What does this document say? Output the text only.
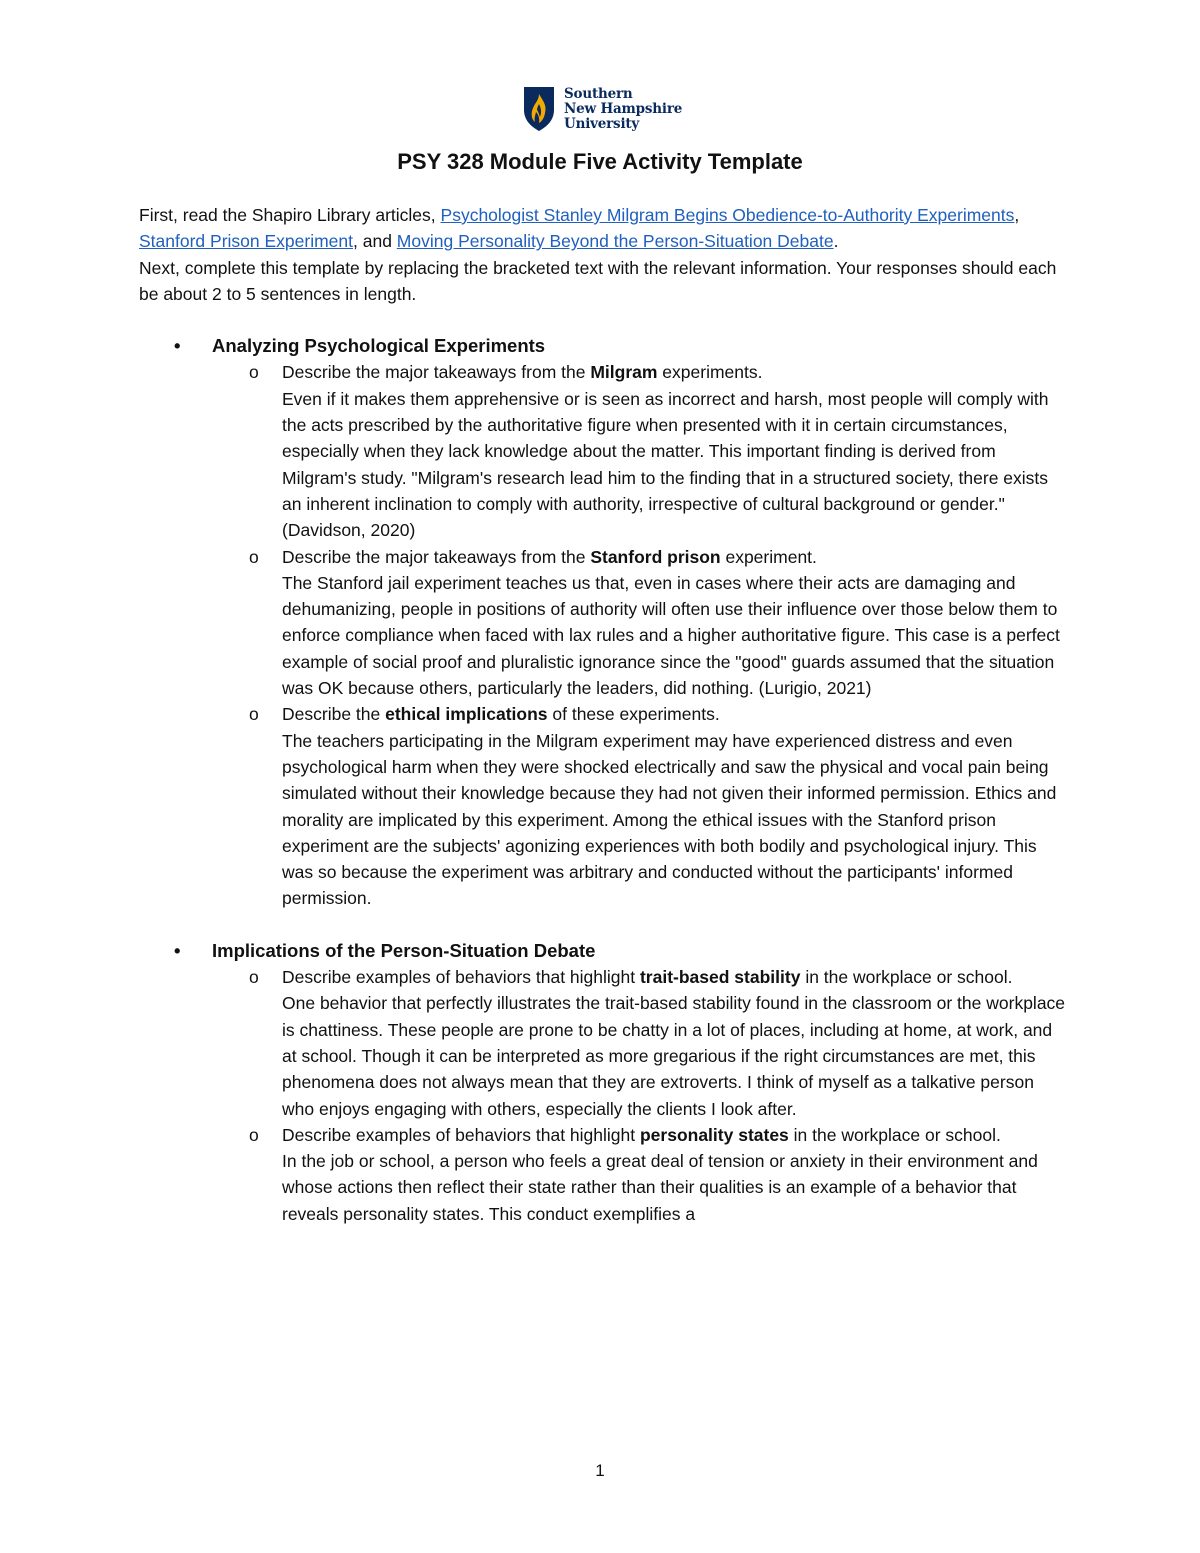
Southern
New Hampshire
University
PSY 328 Module Five Activity Template

First, read the Shapiro Library articles, Psychologist Stanley Milgram Begins Obedience-to-Authority Experiments, Stanford Prison Experiment, and Moving Personality Beyond the Person-Situation Debate.

Next, complete this template by replacing the bracketed text with the relevant information. Your responses should each be about 2 to 5 sentences in length.

• Analyzing Psychological Experiments

o Describe the major takeaways from the Milgram experiments.

Even if it makes them apprehensive or is seen as incorrect and harsh, most people will comply with the acts prescribed by the authoritative figure when presented with it in certain circumstances, especially when they lack knowledge about the matter. This important finding is derived from Milgram's study. "Milgram's research lead him to the finding that in a structured society, there exists an inherent inclination to comply with authority, irrespective of cultural background or gender." (Davidson, 2020)

o Describe the major takeaways from the Stanford prison experiment.

The Stanford jail experiment teaches us that, even in cases where their acts are damaging and dehumanizing, people in positions of authority will often use their influence over those below them to enforce compliance when faced with lax rules and a higher authoritative figure. This case is a perfect example of social proof and pluralistic ignorance since the "good" guards assumed that the situation was OK because others, particularly the leaders, did nothing. (Lurigio, 2021)

o Describe the ethical implications of these experiments.

The teachers participating in the Milgram experiment may have experienced distress and even psychological harm when they were shocked electrically and saw the physical and vocal pain being simulated without their knowledge because they had not given their informed permission. Ethics and morality are implicated by this experiment. Among the ethical issues with the Stanford prison experiment are the subjects' agonizing experiences with both bodily and psychological injury. This was so because the experiment was arbitrary and conducted without the participants' informed permission.

• Implications of the Person-Situation Debate

o Describe examples of behaviors that highlight trait-based stability in the workplace or school.

One behavior that perfectly illustrates the trait-based stability found in the classroom or the workplace is chattiness. These people are prone to be chatty in a lot of places, including at home, at work, and at school. Though it can be interpreted as more gregarious if the right circumstances are met, this phenomena does not always mean that they are extroverts. I think of myself as a talkative person who enjoys engaging with others, especially the clients I look after.

o Describe examples of behaviors that highlight personality states in the workplace or school.

In the job or school, a person who feels a great deal of tension or anxiety in their environment and whose actions then reflect their state rather than their qualities is an example of a behavior that reveals personality states. This conduct exemplifies a

1
